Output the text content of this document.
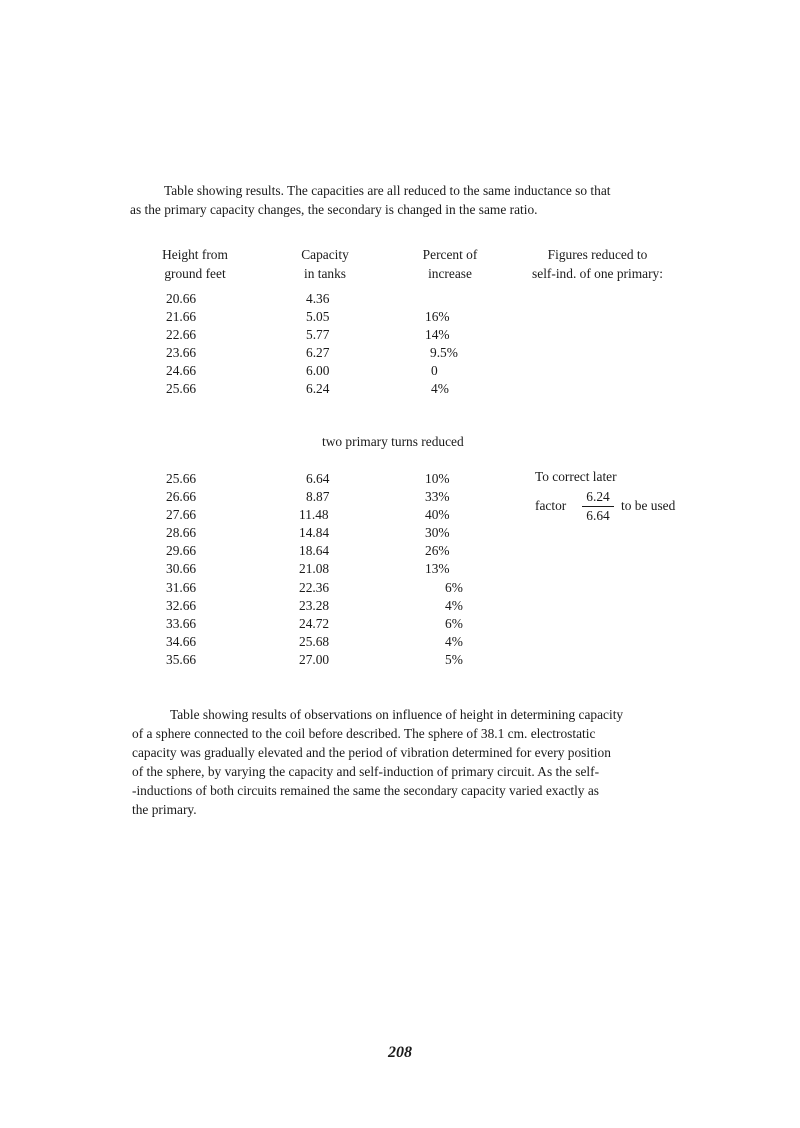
Table showing results. The capacities are all reduced to the same inductance so that
as the primary capacity changes, the secondary is changed in the same ratio.

Height from
ground feet
Capacity
in tanks
Percent of
increase
Figures reduced to
self-ind. of one primary:
20.66
21.66
22.66
23.66
24.66
25.66
4.36
5.05
5.77
6.27
6.00
6.24
16%
14%
9.5%
0
4%
two primary turns reduced
25.66
26.66
27.66
28.66
29.66
30.66
31.66
32.66
33.66
34.66
35.66
6.64
8.87
11.48
14.84
18.64
21.08
22.36
23.28
24.72
25.68
27.00
10%
33%
40%
30%
26%
13%
6%
4%
6%
4%
5%
To correct later
factor
6.24
6.64
to be used

Table showing results of observations on influence of height in determining capacity
of a sphere connected to the coil before described. The sphere of 38.1 cm. electrostatic
capacity was gradually elevated and the period of vibration determined for every position
of the sphere, by varying the capacity and self-induction of primary circuit. As the self-
-inductions of both circuits remained the same the secondary capacity varied exactly as
the primary.

208
